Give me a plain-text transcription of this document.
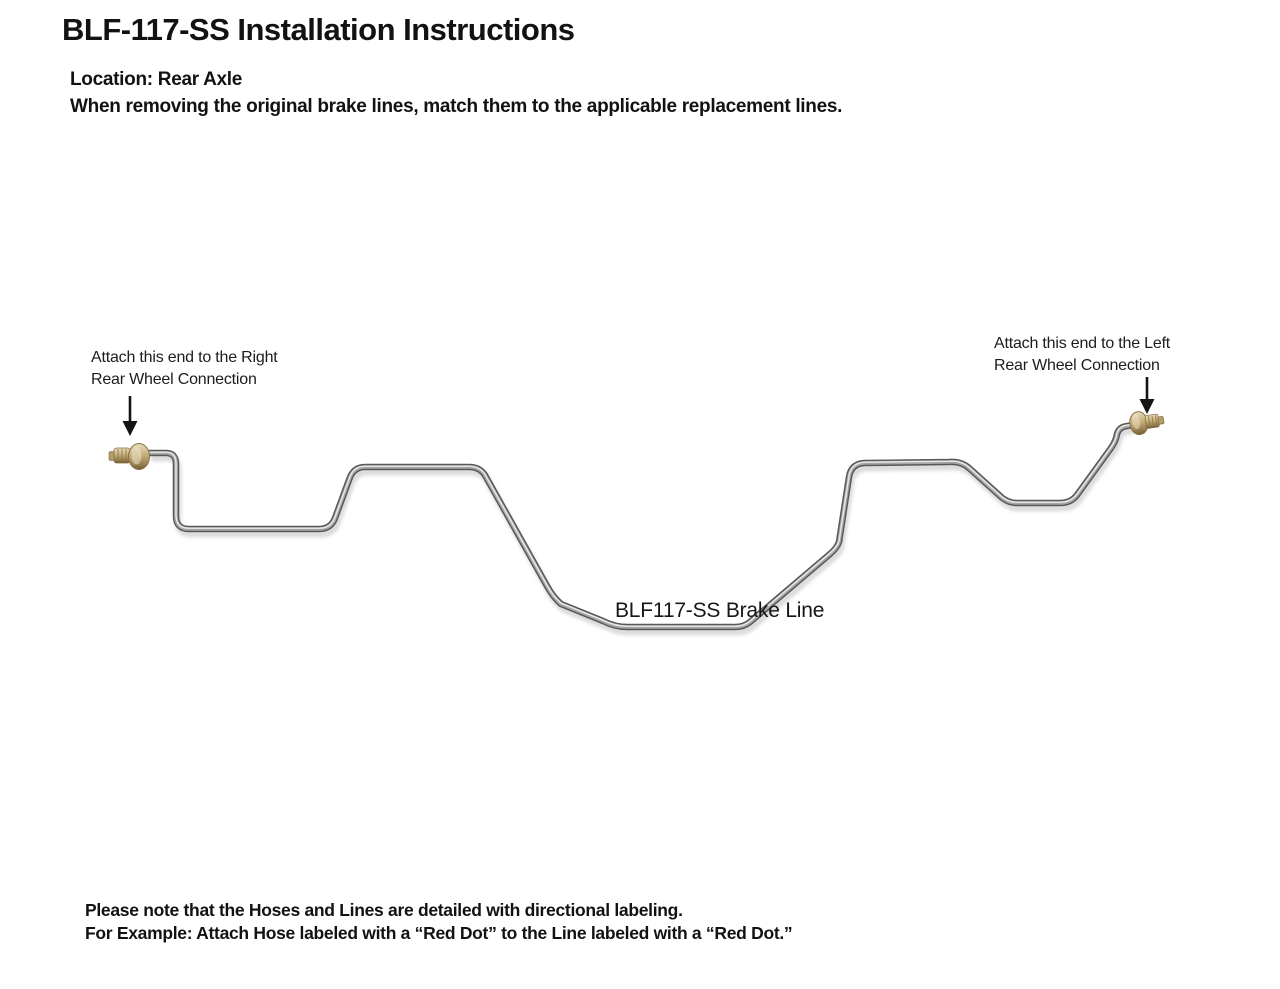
BLF-117-SS Installation Instructions
Location: Rear Axle
When removing the original brake lines, match them to the applicable replacement lines.
Attach this end to the Right
Rear Wheel Connection
Attach this end to the Left
Rear Wheel Connection
BLF117-SS Brake Line
Please note that the Hoses and Lines are detailed with directional labeling.
For Example: Attach Hose labeled with a “Red Dot” to the Line labeled with a “Red Dot.”
